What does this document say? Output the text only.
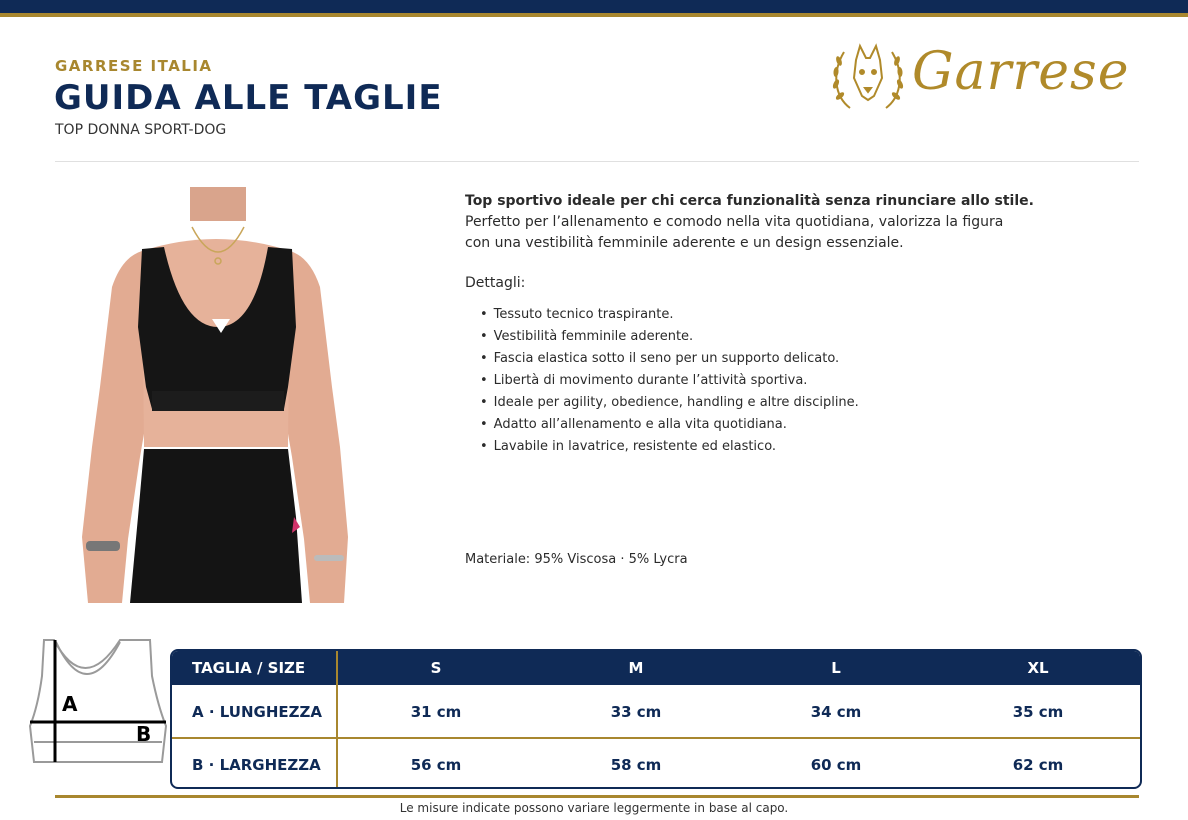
GARRESE ITALIA
GUIDA ALLE TAGLIE
TOP DONNA SPORT-DOG
Garrese
Top sportivo ideale per chi cerca funzionalità senza rinunciare allo stile.
Perfetto per l’allenamento e comodo nella vita quotidiana, valorizza la figura
con una vestibilità femminile aderente e un design essenziale.
Dettagli:
• Tessuto tecnico traspirante.
• Vestibilità femminile aderente.
• Fascia elastica sotto il seno per un supporto delicato.
• Libertà di movimento durante l’attività sportiva.
• Ideale per agility, obedience, handling e altre discipline.
• Adatto all’allenamento e alla vita quotidiana.
• Lavabile in lavatrice, resistente ed elastico.
Materiale: 95% Viscosa · 5% Lycra
A
B
TAGLIA / SIZE	S	M	L	XL
A · LUNGHEZZA	31 cm	33 cm	34 cm	35 cm
B · LARGHEZZA	56 cm	58 cm	60 cm	62 cm
Le misure indicate possono variare leggermente in base al capo.
